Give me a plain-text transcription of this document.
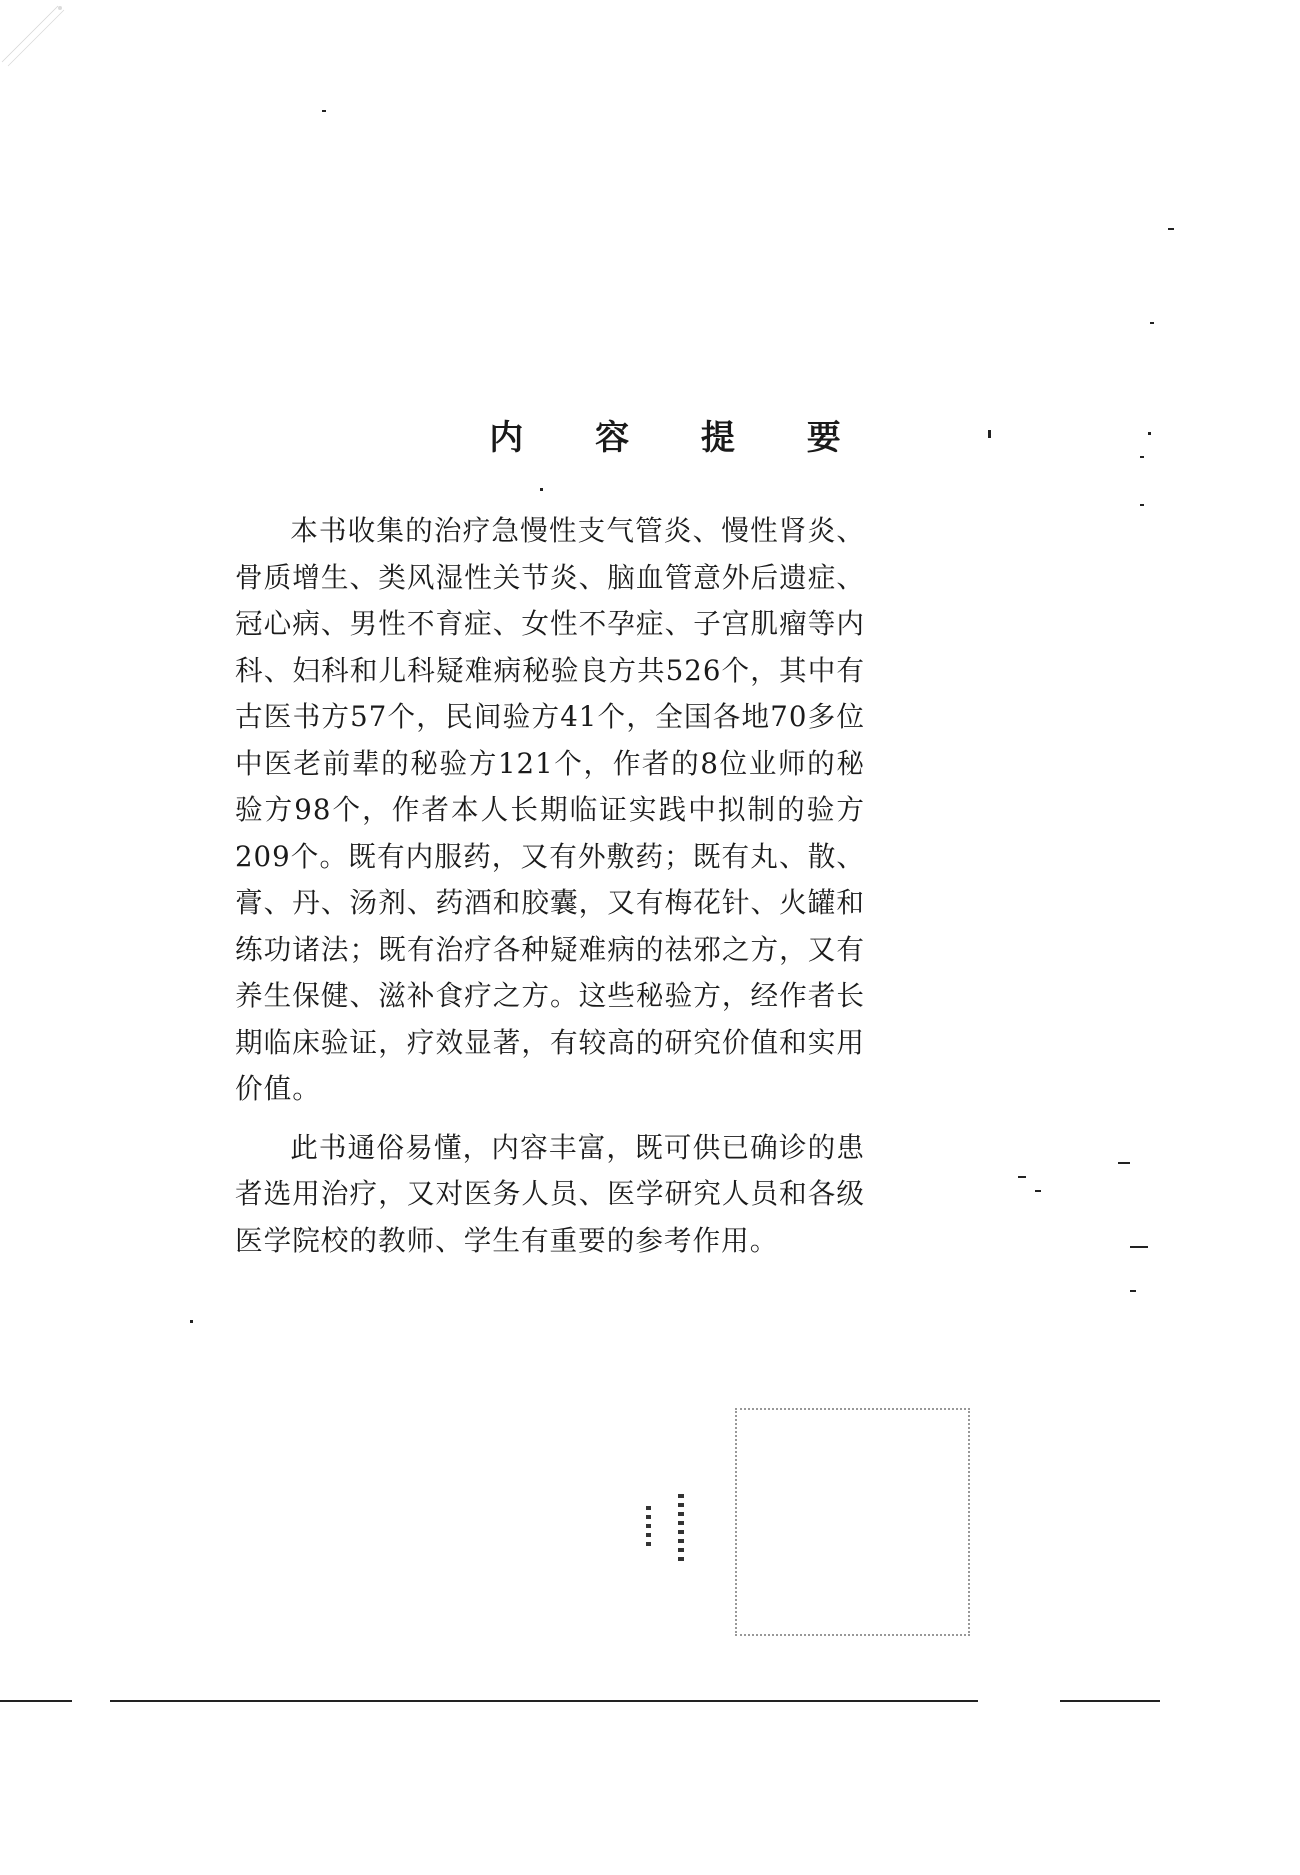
内 容 提 要

本书收集的治疗急慢性支气管炎、慢性肾炎、骨质增生、类风湿性关节炎、脑血管意外后遗症、冠心病、男性不育症、女性不孕症、子宫肌瘤等内科、妇科和儿科疑难病秘验良方共526个，其中有古医书方57个，民间验方41个，全国各地70多位中医老前辈的秘验方121个，作者的8位业师的秘验方98个，作者本人长期临证实践中拟制的验方209个。既有内服药，又有外敷药；既有丸、散、膏、丹、汤剂、药酒和胶囊，又有梅花针、火罐和练功诸法；既有治疗各种疑难病的祛邪之方，又有养生保健、滋补食疗之方。这些秘验方，经作者长期临床验证，疗效显著，有较高的研究价值和实用价值。

此书通俗易懂，内容丰富，既可供已确诊的患者选用治疗，又对医务人员、医学研究人员和各级医学院校的教师、学生有重要的参考作用。
